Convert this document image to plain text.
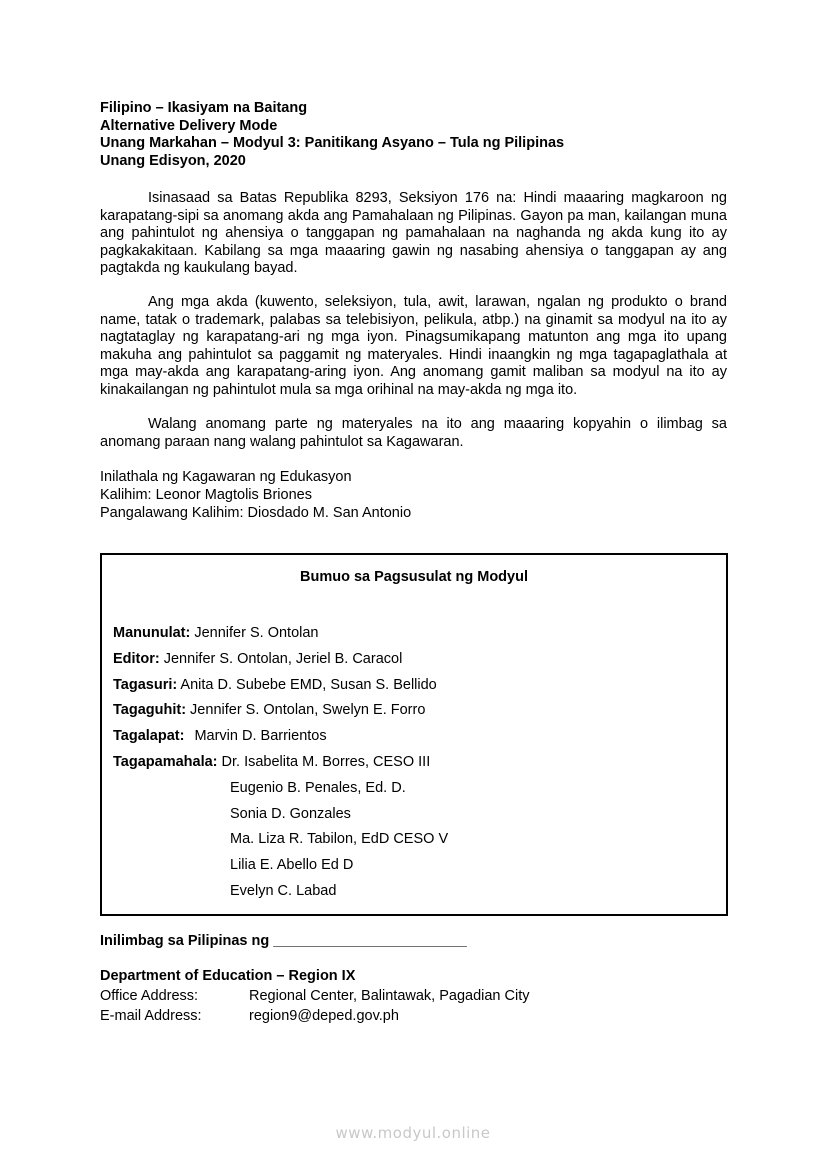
Filipino – Ikasiyam na Baitang
Alternative Delivery Mode
Unang Markahan – Modyul 3: Panitikang Asyano – Tula ng Pilipinas
Unang Edisyon, 2020
Isinasaad sa Batas Republika 8293, Seksiyon 176 na: Hindi maaaring magkaroon ng karapatang-sipi sa anomang akda ang Pamahalaan ng Pilipinas. Gayon pa man, kailangan muna ang pahintulot ng ahensiya o tanggapan ng pamahalaan na naghanda ng akda kung ito ay pagkakakitaan. Kabilang sa mga maaaring gawin ng nasabing ahensiya o tanggapan ay ang pagtakda ng kaukulang bayad.
Ang mga akda (kuwento, seleksiyon, tula, awit, larawan, ngalan ng produkto o brand name, tatak o trademark, palabas sa telebisiyon, pelikula, atbp.) na ginamit sa modyul na ito ay nagtataglay ng karapatang-ari ng mga iyon. Pinagsumikapang matunton ang mga ito upang makuha ang pahintulot sa paggamit ng materyales. Hindi inaangkin ng mga tagapaglathala at mga may-akda ang karapatang-aring iyon. Ang anomang gamit maliban sa modyul na ito ay kinakailangan ng pahintulot mula sa mga orihinal na may-akda ng mga ito.
Walang anomang parte ng materyales na ito ang maaaring kopyahin o ilimbag sa anomang paraan nang walang pahintulot sa Kagawaran.
Inilathala ng Kagawaran ng Edukasyon
Kalihim: Leonor Magtolis Briones
Pangalawang Kalihim: Diosdado M. San Antonio
Bumuo sa Pagsusulat ng Modyul
Manunulat: Jennifer S. Ontolan
Editor: Jennifer S. Ontolan, Jeriel B. Caracol
Tagasuri: Anita D. Subebe EMD, Susan S. Bellido
Tagaguhit: Jennifer S. Ontolan, Swelyn E. Forro
Tagalapat: Marvin D. Barrientos
Tagapamahala: Dr. Isabelita M. Borres, CESO III
Eugenio B. Penales, Ed. D.
Sonia D. Gonzales
Ma. Liza R. Tabilon, EdD CESO V
Lilia E. Abello Ed D
Evelyn C. Labad
Inilimbag sa Pilipinas ng ________________________
Department of Education – Region IX
Office Address:	Regional Center, Balintawak, Pagadian City
E-mail Address:	region9@deped.gov.ph
www.modyul.online
